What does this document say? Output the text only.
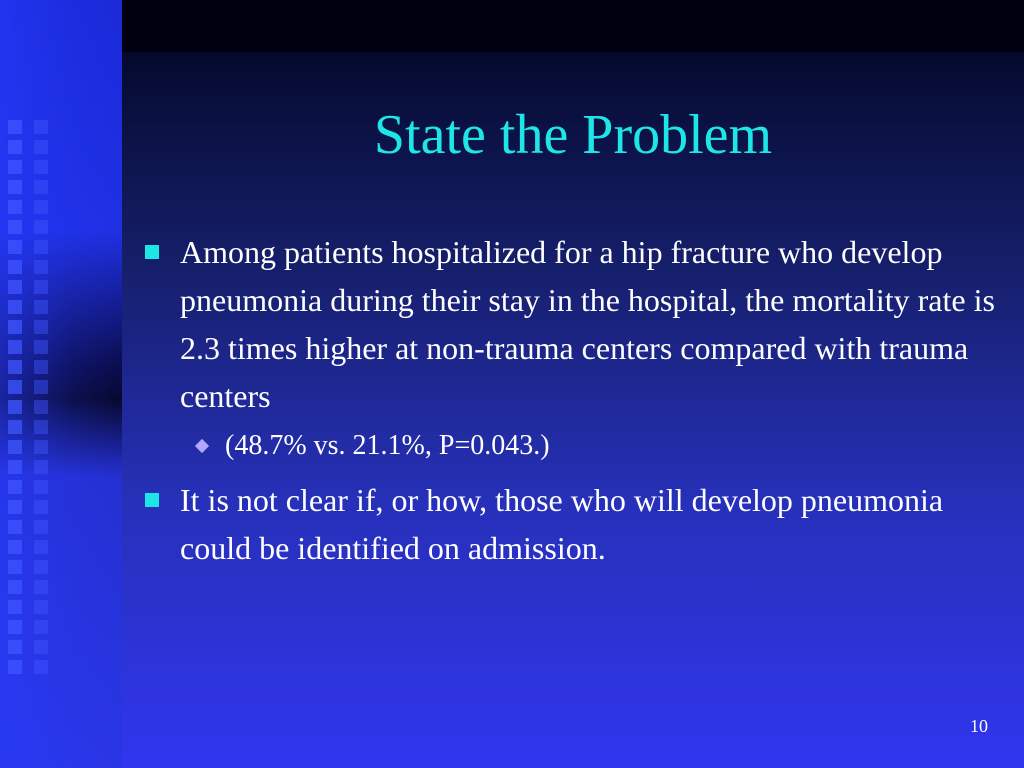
State the Problem
Among patients hospitalized for a hip fracture who develop pneumonia during their stay in the hospital, the mortality rate is 2.3 times higher at non-trauma centers compared with trauma centers
(48.7% vs. 21.1%, P=0.043.)
It is not clear if, or how, those who will develop pneumonia could be identified on admission.
10
